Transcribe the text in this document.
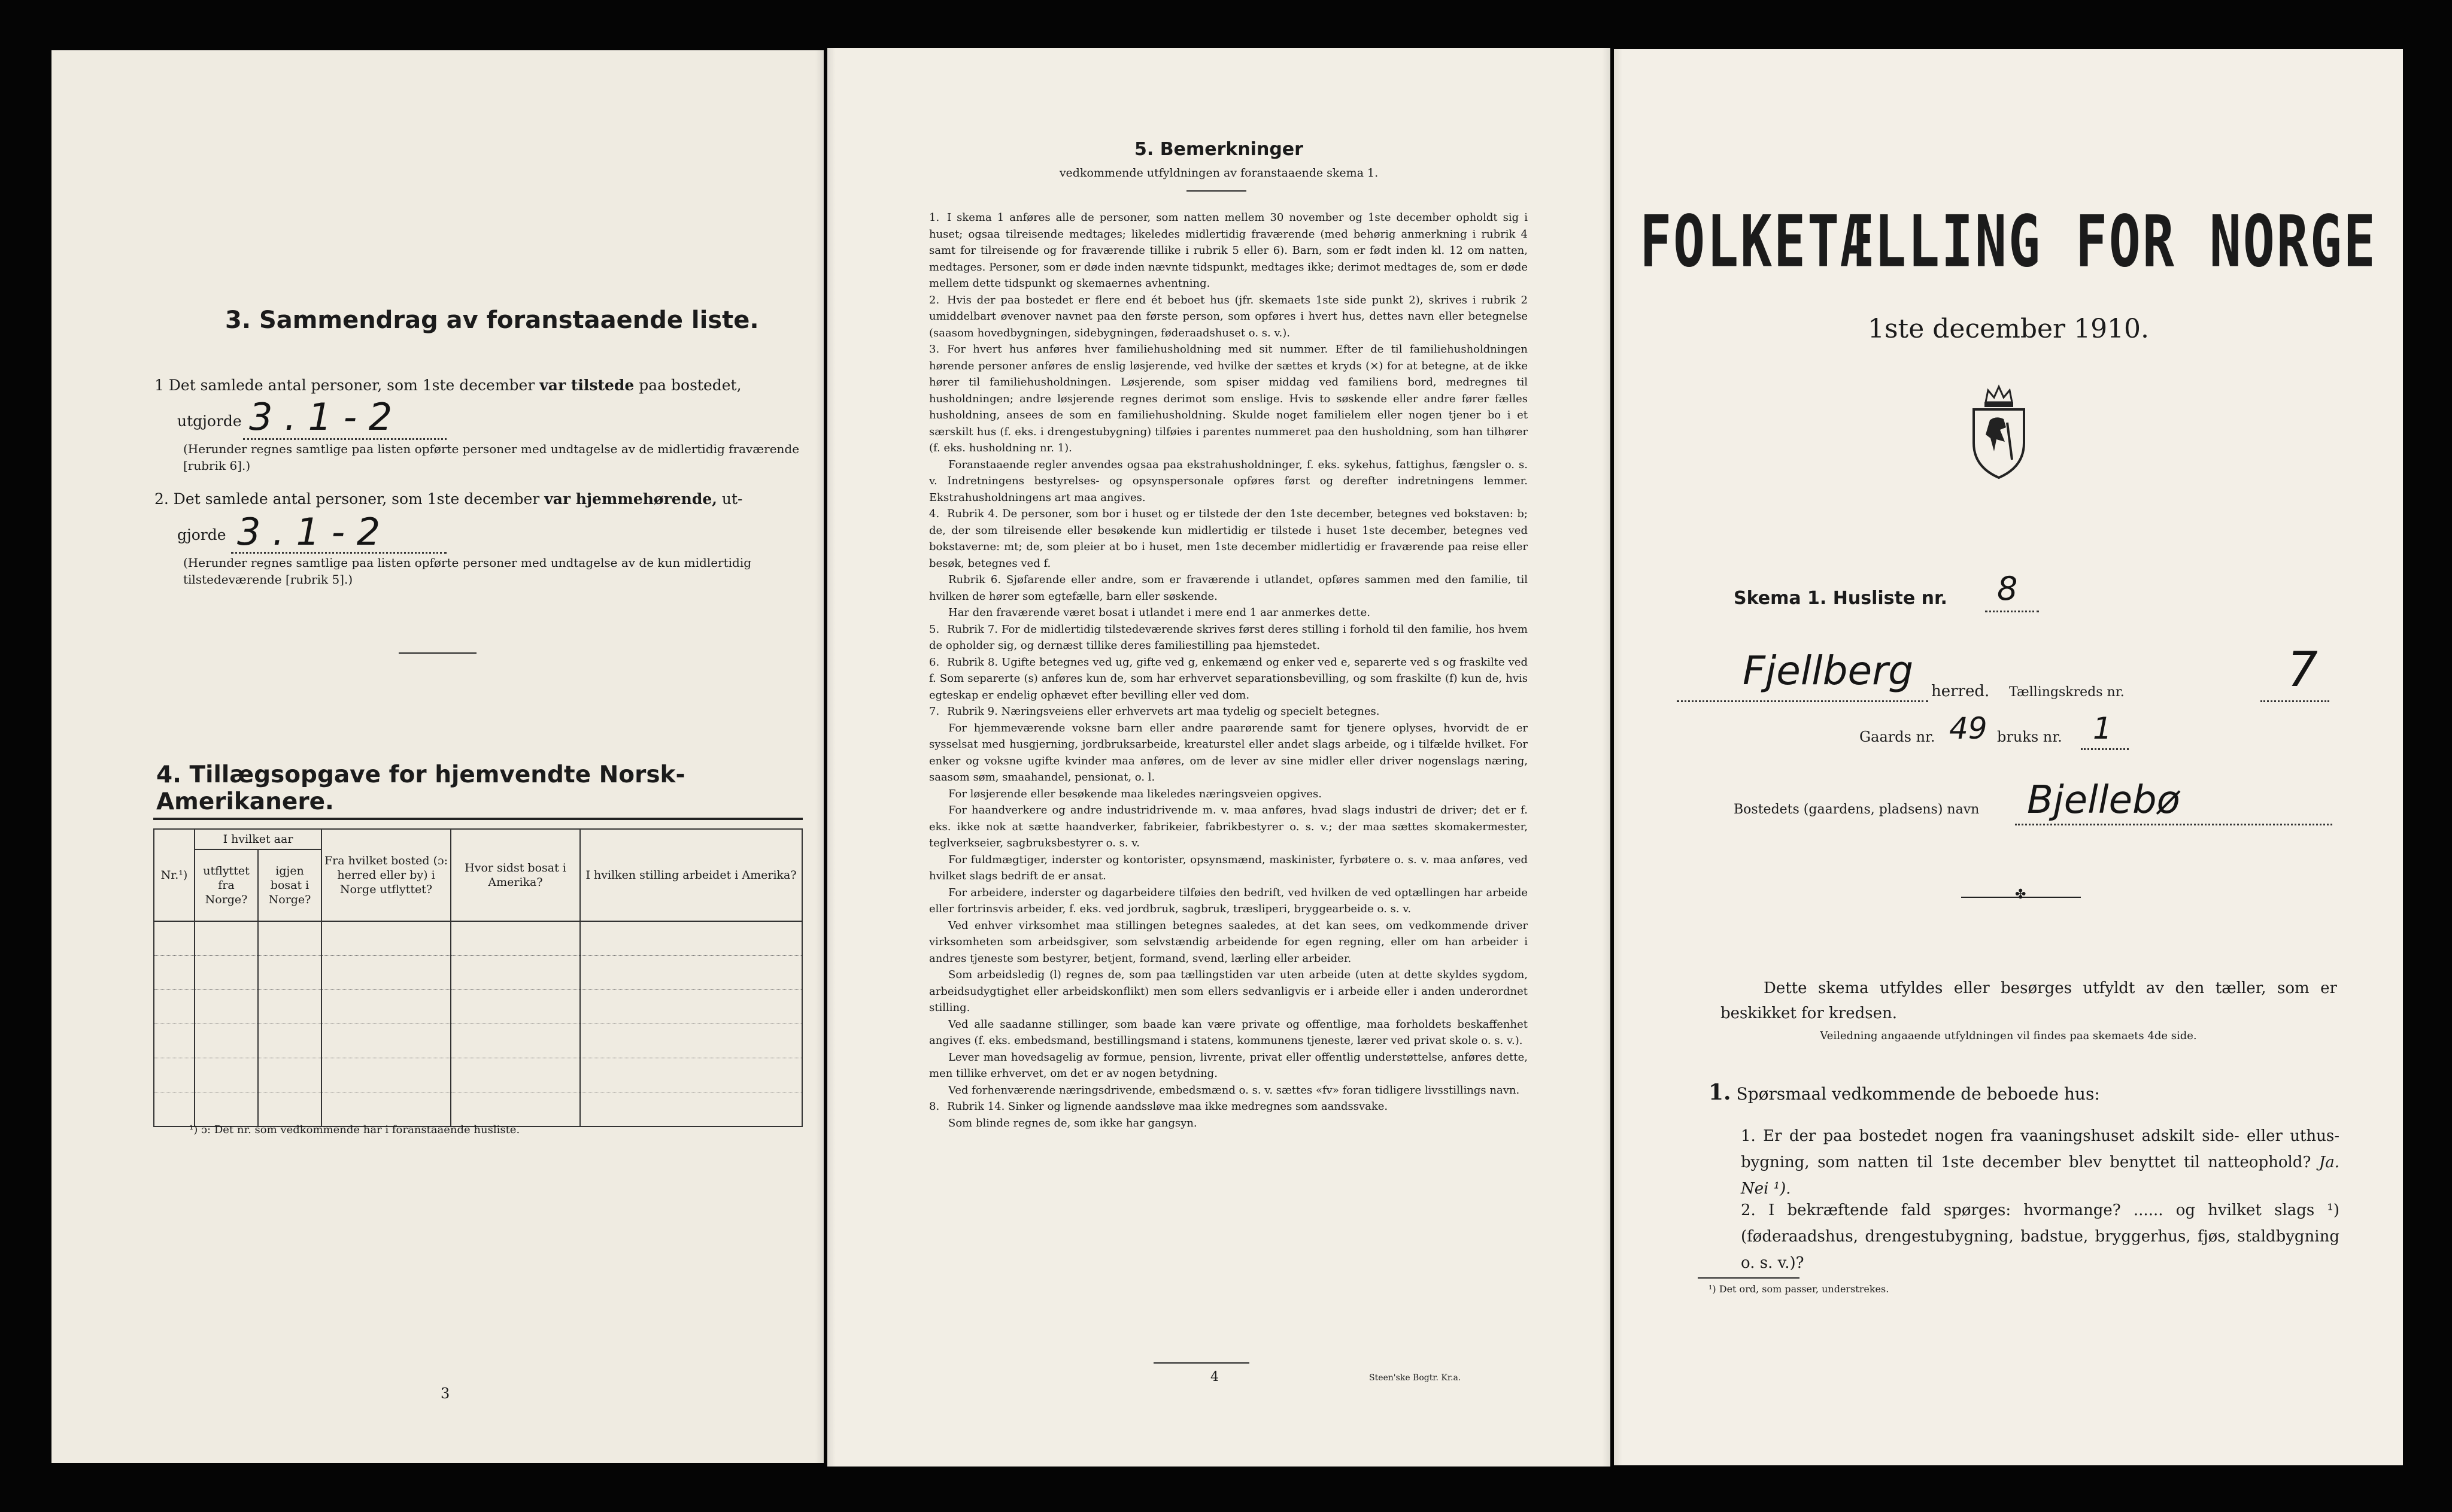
3. Sammendrag av foranstaaende liste.
1 Det samlede antal personer, som 1ste december var tilstede paa bostedet,
utgjorde 3 . 1 - 2
(Herunder regnes samtlige paa listen opførte personer med undtagelse av de midlertidig fraværende [rubrik 6].)
2. Det samlede antal personer, som 1ste december var hjemmehørende, ut-
gjorde 3 . 1 - 2
(Herunder regnes samtlige paa listen opførte personer med undtagelse av de kun midlertidig tilstedeværende [rubrik 5].)
4. Tillægsopgave for hjemvendte Norsk-Amerikanere.
Nr.¹)	I hvilket aar		Fra hvilket bosted (ɔ: herred eller by) i Norge utflyttet?	Hvor sidst bosat i Amerika?	I hvilken stilling arbeidet i Amerika?
	utflyttet fra Norge?	igjen bosat i Norge?			

¹) ɔ: Det nr. som vedkommende har i foranstaaende husliste.
3
5. Bemerkninger
vedkommende utfyldningen av foranstaaende skema 1.

1. I skema 1 anføres alle de personer, som natten mellem 30 november og 1ste december opholdt sig i huset; ogsaa tilreisende medtages; likeledes midlertidig fraværende (med behørig anmerkning i rubrik 4 samt for tilreisende og for fraværende tillike i rubrik 5 eller 6). Barn, som er født inden kl. 12 om natten, medtages. Personer, som er døde inden nævnte tidspunkt, medtages ikke; derimot medtages de, som er døde mellem dette tidspunkt og skemaernes avhentning.

2. Hvis der paa bostedet er flere end ét beboet hus (jfr. skemaets 1ste side punkt 2), skrives i rubrik 2 umiddelbart øvenover navnet paa den første person, som opføres i hvert hus, dettes navn eller betegnelse (saasom hovedbygningen, sidebygningen, føderaadshuset o. s. v.).

3. For hvert hus anføres hver familiehusholdning med sit nummer. Efter de til familiehusholdningen hørende personer anføres de enslig løsjerende, ved hvilke der sættes et kryds (×) for at betegne, at de ikke hører til familiehusholdningen. Løsjerende, som spiser middag ved familiens bord, medregnes til husholdningen; andre løsjerende regnes derimot som enslige. Hvis to søskende eller andre fører fælles husholdning, ansees de som en familiehusholdning. Skulde noget familielem eller nogen tjener bo i et særskilt hus (f. eks. i drengestubygning) tilføies i parentes nummeret paa den husholdning, som han tilhører (f. eks. husholdning nr. 1).

Foranstaaende regler anvendes ogsaa paa ekstrahusholdninger, f. eks. sykehus, fattighus, fængsler o. s. v. Indretningens bestyrelses- og opsynspersonale opføres først og derefter indretningens lemmer. Ekstrahusholdningens art maa angives.

4. Rubrik 4. De personer, som bor i huset og er tilstede der den 1ste december, betegnes ved bokstaven: b; de, der som tilreisende eller besøkende kun midlertidig er tilstede i huset 1ste december, betegnes ved bokstaverne: mt; de, som pleier at bo i huset, men 1ste december midlertidig er fraværende paa reise eller besøk, betegnes ved f.

Rubrik 6. Sjøfarende eller andre, som er fraværende i utlandet, opføres sammen med den familie, til hvilken de hører som egtefælle, barn eller søskende.

Har den fraværende været bosat i utlandet i mere end 1 aar anmerkes dette.

5. Rubrik 7. For de midlertidig tilstedeværende skrives først deres stilling i forhold til den familie, hos hvem de opholder sig, og dernæst tillike deres familiestilling paa hjemstedet.

6. Rubrik 8. Ugifte betegnes ved ug, gifte ved g, enkemænd og enker ved e, separerte ved s og fraskilte ved f. Som separerte (s) anføres kun de, som har erhvervet separationsbevilling, og som fraskilte (f) kun de, hvis egteskap er endelig ophævet efter bevilling eller ved dom.

7. Rubrik 9. Næringsveiens eller erhvervets art maa tydelig og specielt betegnes.

For hjemmeværende voksne barn eller andre paarørende samt for tjenere oplyses, hvorvidt de er sysselsat med husgjerning, jordbruksarbeide, kreaturstel eller andet slags arbeide, og i tilfælde hvilket. For enker og voksne ugifte kvinder maa anføres, om de lever av sine midler eller driver nogenslags næring, saasom søm, smaahandel, pensionat, o. l.

For løsjerende eller besøkende maa likeledes næringsveien opgives.

For haandverkere og andre industridrivende m. v. maa anføres, hvad slags industri de driver; det er f. eks. ikke nok at sætte haandverker, fabrikeier, fabrikbestyrer o. s. v.; der maa sættes skomakermester, teglverkseier, sagbruksbestyrer o. s. v.

For fuldmægtiger, inderster og kontorister, opsynsmænd, maskinister, fyrbøtere o. s. v. maa anføres, ved hvilket slags bedrift de er ansat.

For arbeidere, inderster og dagarbeidere tilføies den bedrift, ved hvilken de ved optællingen har arbeide eller fortrinsvis arbeider, f. eks. ved jordbruk, sagbruk, træsliperi, bryggearbeide o. s. v.

Ved enhver virksomhet maa stillingen betegnes saaledes, at det kan sees, om vedkommende driver virksomheten som arbeidsgiver, som selvstændig arbeidende for egen regning, eller om han arbeider i andres tjeneste som bestyrer, betjent, formand, svend, lærling eller arbeider.

Som arbeidsledig (l) regnes de, som paa tællingstiden var uten arbeide (uten at dette skyldes sygdom, arbeidsudygtighet eller arbeidskonflikt) men som ellers sedvanligvis er i arbeide eller i anden underordnet stilling.

Ved alle saadanne stillinger, som baade kan være private og offentlige, maa forholdets beskaffenhet angives (f. eks. embedsmand, bestillingsmand i statens, kommunens tjeneste, lærer ved privat skole o. s. v.).

Lever man hovedsagelig av formue, pension, livrente, privat eller offentlig understøttelse, anføres dette, men tillike erhvervet, om det er av nogen betydning.

Ved forhenværende næringsdrivende, embedsmænd o. s. v. sættes «fv» foran tidligere livsstillings navn.

8. Rubrik 14. Sinker og lignende aandssløve maa ikke medregnes som aandssvake.

Som blinde regnes de, som ikke har gangsyn.

4	Steen'ske Bogtr. Kr.a.
FOLKETÆLLING FOR NORGE
1ste december 1910.
Skema 1. Husliste nr. 8
Fjellberg herred. Tællingskreds nr.	7
Gaards nr. 49 bruks nr. 1
Bostedets (gaardens, pladsens) navn Bjellebø
✤
Dette skema utfyldes eller besørges utfyldt av den tæller, som er beskikket for kredsen.
Veiledning angaaende utfyldningen vil findes paa skemaets 4de side.
1. Spørsmaal vedkommende de beboede hus:
1. Er der paa bostedet nogen fra vaaningshuset adskilt side- eller uthus-bygning, som natten til 1ste december blev benyttet til natteophold? Ja. Nei ¹).
2. I bekræftende fald spørges: hvormange? ...... og hvilket slags ¹) (føderaadshus, drengestubygning, badstue, bryggerhus, fjøs, staldbygning o. s. v.)?
¹) Det ord, som passer, understrekes.
